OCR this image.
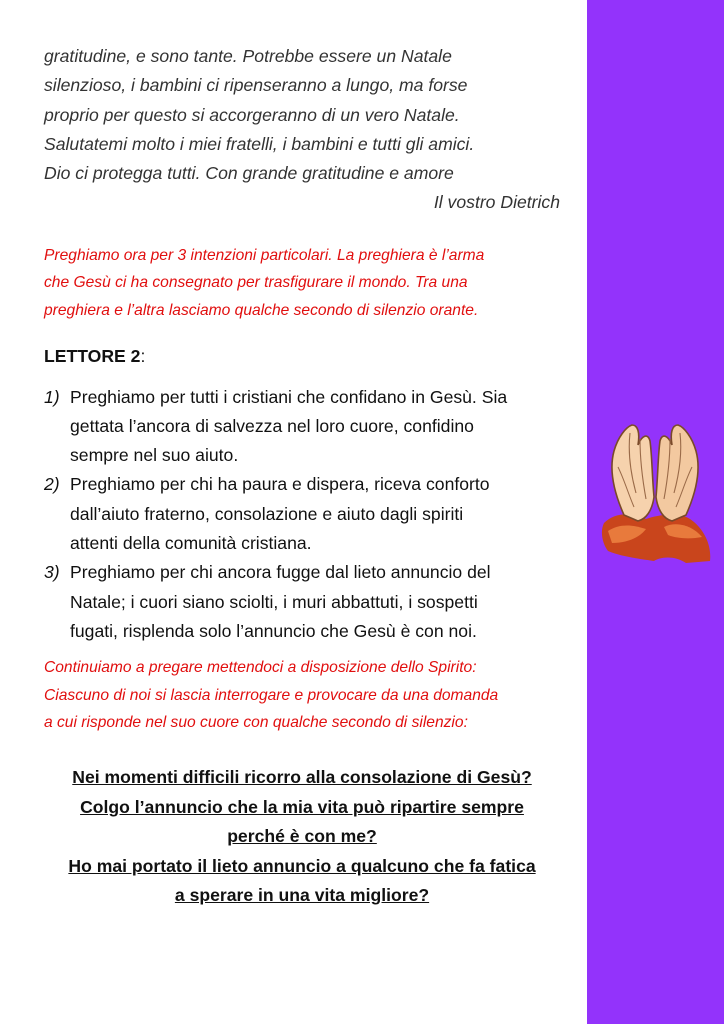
gratitudine, e sono tante. Potrebbe essere un Natale

silenzioso, i bambini ci ripenseranno a lungo, ma forse

proprio per questo si accorgeranno di un vero Natale.

Salutatemi molto i miei fratelli, i bambini e tutti gli amici.

Dio ci protegga tutti. Con grande gratitudine e amore

Il vostro Dietrich
Preghiamo ora per 3 intenzioni particolari. La preghiera è l’arma
che Gesù ci ha consegnato per trasfigurare il mondo. Tra una
preghiera e l’altra lasciamo qualche secondo di silenzio orante.
LETTORE 2:
1) Preghiamo per tutti i cristiani che confidano in Gesù. Sia
gettata l’ancora di salvezza nel loro cuore, confidino
sempre nel suo aiuto.
2) Preghiamo per chi ha paura e dispera, riceva conforto
dall’aiuto fraterno, consolazione e aiuto dagli spiriti
attenti della comunità cristiana.
3) Preghiamo per chi ancora fugge dal lieto annuncio del
Natale; i cuori siano sciolti, i muri abbattuti, i sospetti
fugati, risplenda solo l’annuncio che Gesù è con noi.
Continuiamo a pregare mettendoci a disposizione dello Spirito:
Ciascuno di noi si lascia interrogare e provocare da una domanda
a cui risponde nel suo cuore con qualche secondo di silenzio:
Nei momenti difficili ricorro alla consolazione di Gesù?
Colgo l’annuncio che la mia vita può ripartire sempre
perché è con me?
Ho mai portato il lieto annuncio a qualcuno che fa fatica
a sperare in una vita migliore?
